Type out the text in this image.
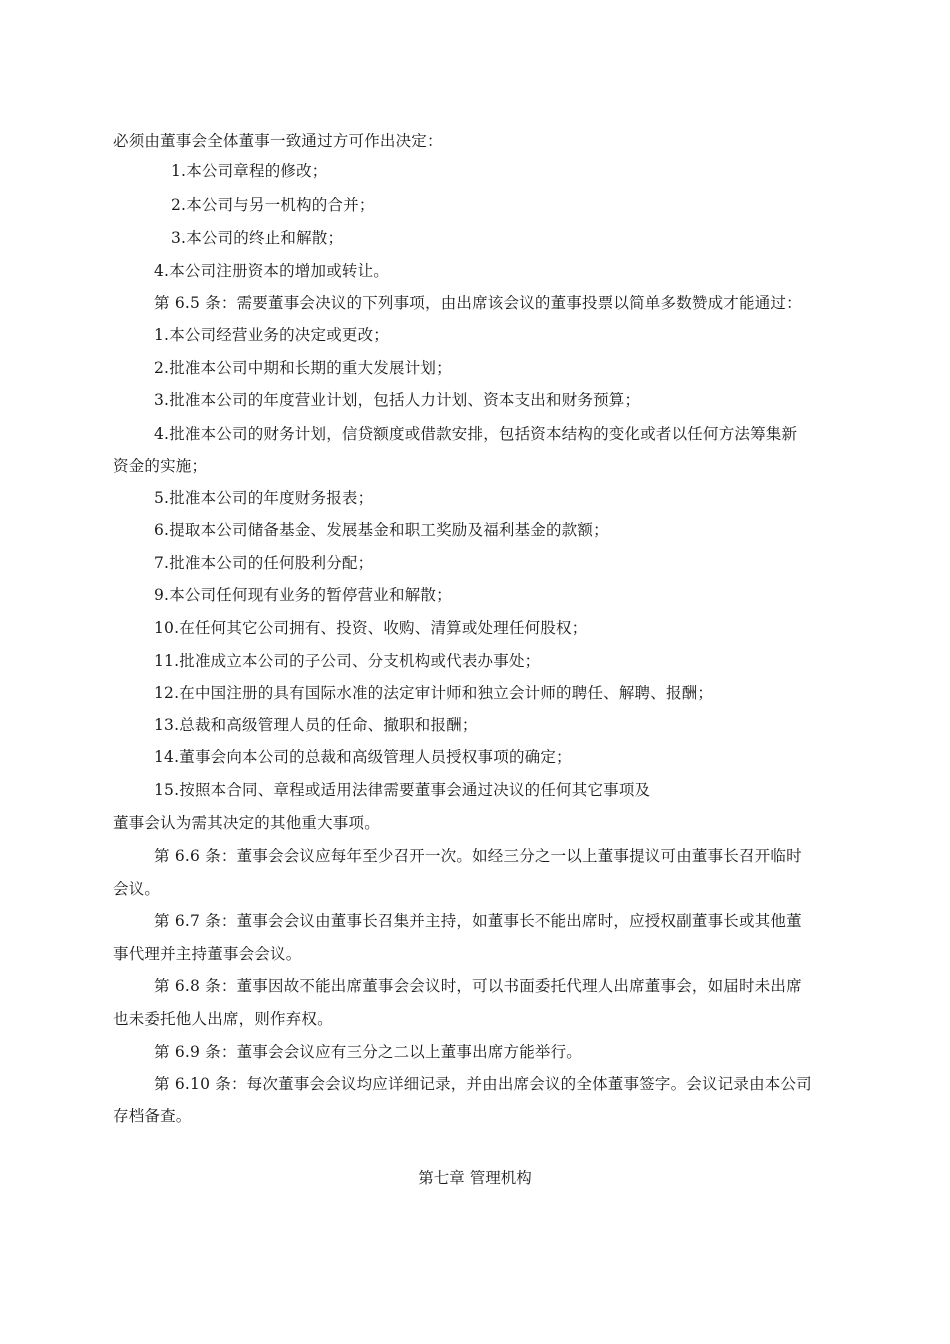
必须由董事会全体董事一致通过方可作出决定：
1.本公司章程的修改；
2.本公司与另一机构的合并；
3.本公司的终止和解散；
4.本公司注册资本的增加或转让。
第 6.5 条：需要董事会决议的下列事项，由出席该会议的董事投票以简单多数赞成才能通过：
1.本公司经营业务的决定或更改；
2.批准本公司中期和长期的重大发展计划；
3.批准本公司的年度营业计划，包括人力计划、资本支出和财务预算；
4.批准本公司的财务计划，信贷额度或借款安排，包括资本结构的变化或者以任何方法筹集新
资金的实施；
5.批准本公司的年度财务报表；
6.提取本公司储备基金、发展基金和职工奖励及福利基金的款额；
7.批准本公司的任何股利分配；
9.本公司任何现有业务的暂停营业和解散；
10.在任何其它公司拥有、投资、收购、清算或处理任何股权；
11.批准成立本公司的子公司、分支机构或代表办事处；
12.在中国注册的具有国际水准的法定审计师和独立会计师的聘任、解聘、报酬；
13.总裁和高级管理人员的任命、撤职和报酬；
14.董事会向本公司的总裁和高级管理人员授权事项的确定；
15.按照本合同、章程或适用法律需要董事会通过决议的任何其它事项及
董事会认为需其决定的其他重大事项。
第 6.6 条：董事会会议应每年至少召开一次。如经三分之一以上董事提议可由董事长召开临时
会议。
第 6.7 条：董事会会议由董事长召集并主持，如董事长不能出席时，应授权副董事长或其他董
事代理并主持董事会会议。
第 6.8 条：董事因故不能出席董事会会议时，可以书面委托代理人出席董事会，如届时未出席
也未委托他人出席，则作弃权。
第 6.9 条：董事会会议应有三分之二以上董事出席方能举行。
第 6.10 条：每次董事会会议均应详细记录，并由出席会议的全体董事签字。会议记录由本公司
存档备查。
第七章 管理机构
